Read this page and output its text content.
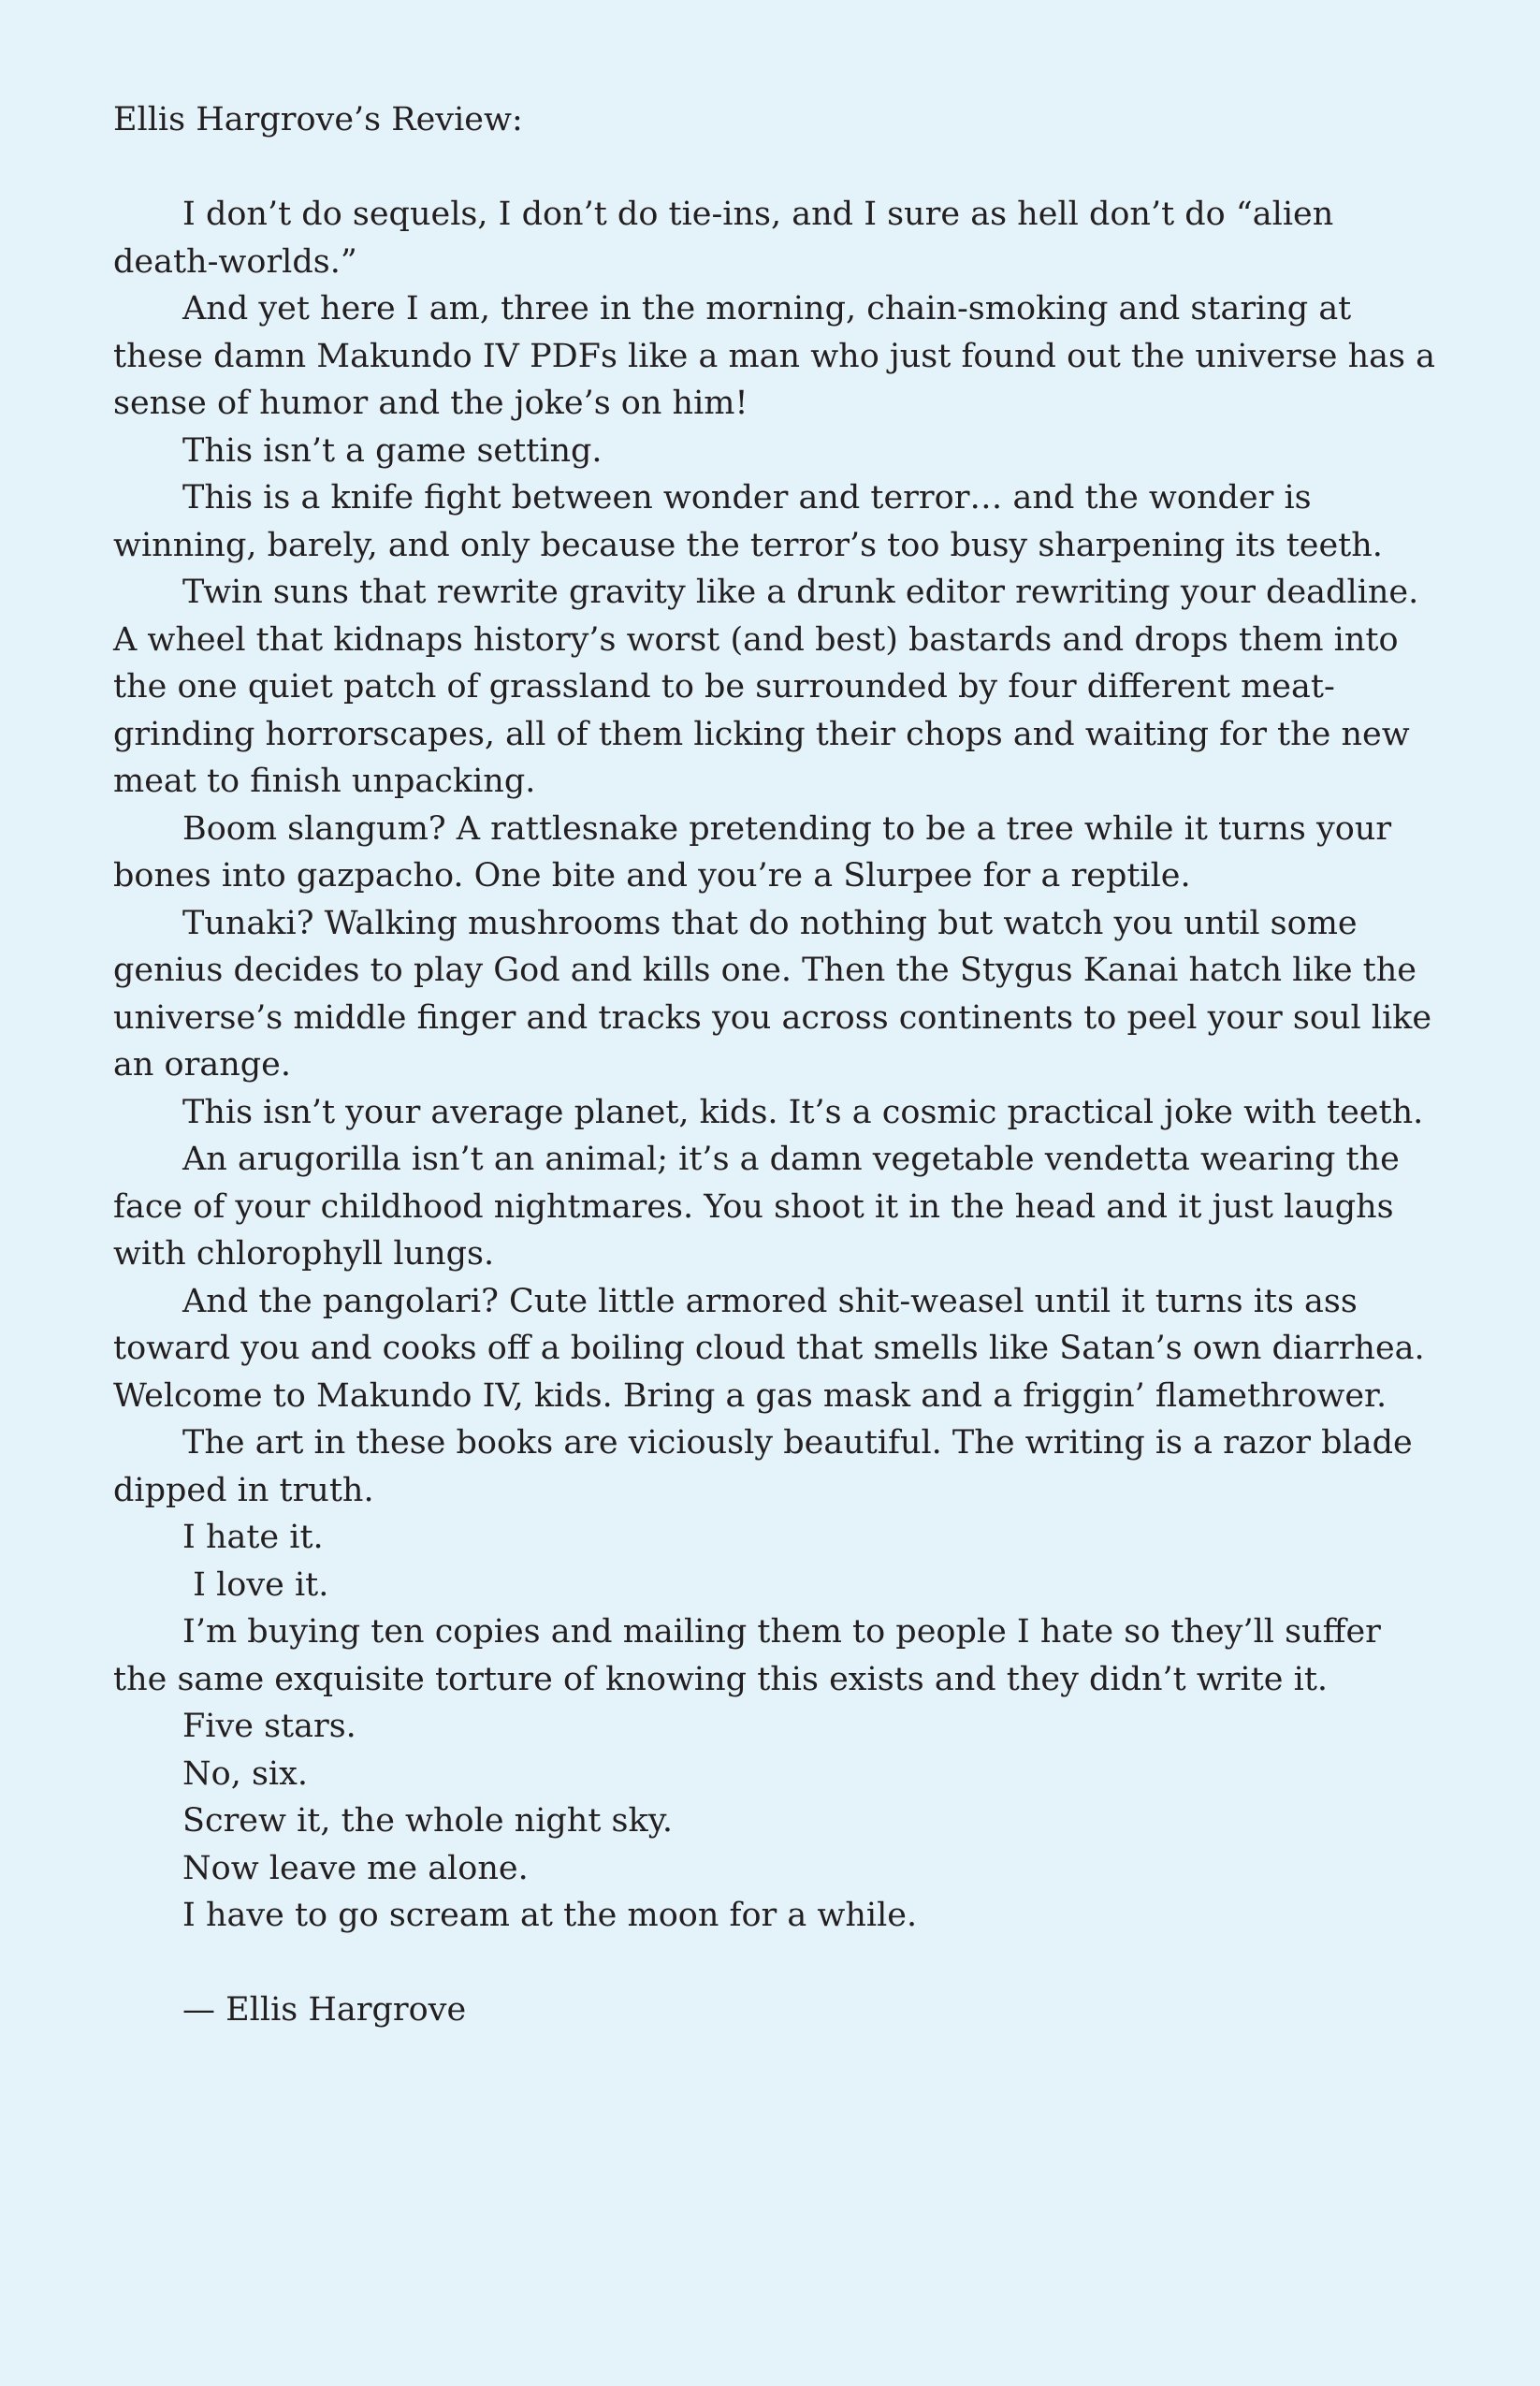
Ellis Hargrove’s Review:

I don’t do sequels, I don’t do tie-ins, and I sure as hell don’t do “alien death-worlds.”

And yet here I am, three in the morning, chain-smoking and staring at these damn Makundo IV PDFs like a man who just found out the universe has a sense of humor and the joke’s on him!

This isn’t a game setting.

This is a knife fight between wonder and terror… and the wonder is winning, barely, and only because the terror’s too busy sharpening its teeth.

Twin suns that rewrite gravity like a drunk editor rewriting your deadline. A wheel that kidnaps history’s worst (and best) bastards and drops them into the one quiet patch of grassland to be surrounded by four different meat-grinding horrorscapes, all of them licking their chops and waiting for the new meat to finish unpacking.

Boom slangum? A rattlesnake pretending to be a tree while it turns your bones into gazpacho. One bite and you’re a Slurpee for a reptile.

Tunaki? Walking mushrooms that do nothing but watch you until some genius decides to play God and kills one. Then the Stygus Kanai hatch like the universe’s middle finger and tracks you across continents to peel your soul like an orange.

This isn’t your average planet, kids. It’s a cosmic practical joke with teeth.

An arugorilla isn’t an animal; it’s a damn vegetable vendetta wearing the face of your childhood nightmares. You shoot it in the head and it just laughs with chlorophyll lungs.

And the pangolari? Cute little armored shit-weasel until it turns its ass toward you and cooks off a boiling cloud that smells like Satan’s own diarrhea. Welcome to Makundo IV, kids. Bring a gas mask and a friggin’ flamethrower.

The art in these books are viciously beautiful. The writing is a razor blade dipped in truth.

I hate it.

I love it.

I’m buying ten copies and mailing them to people I hate so they’ll suffer the same exquisite torture of knowing this exists and they didn’t write it.

Five stars.

No, six.

Screw it, the whole night sky.

Now leave me alone.

I have to go scream at the moon for a while.

— Ellis Hargrove
